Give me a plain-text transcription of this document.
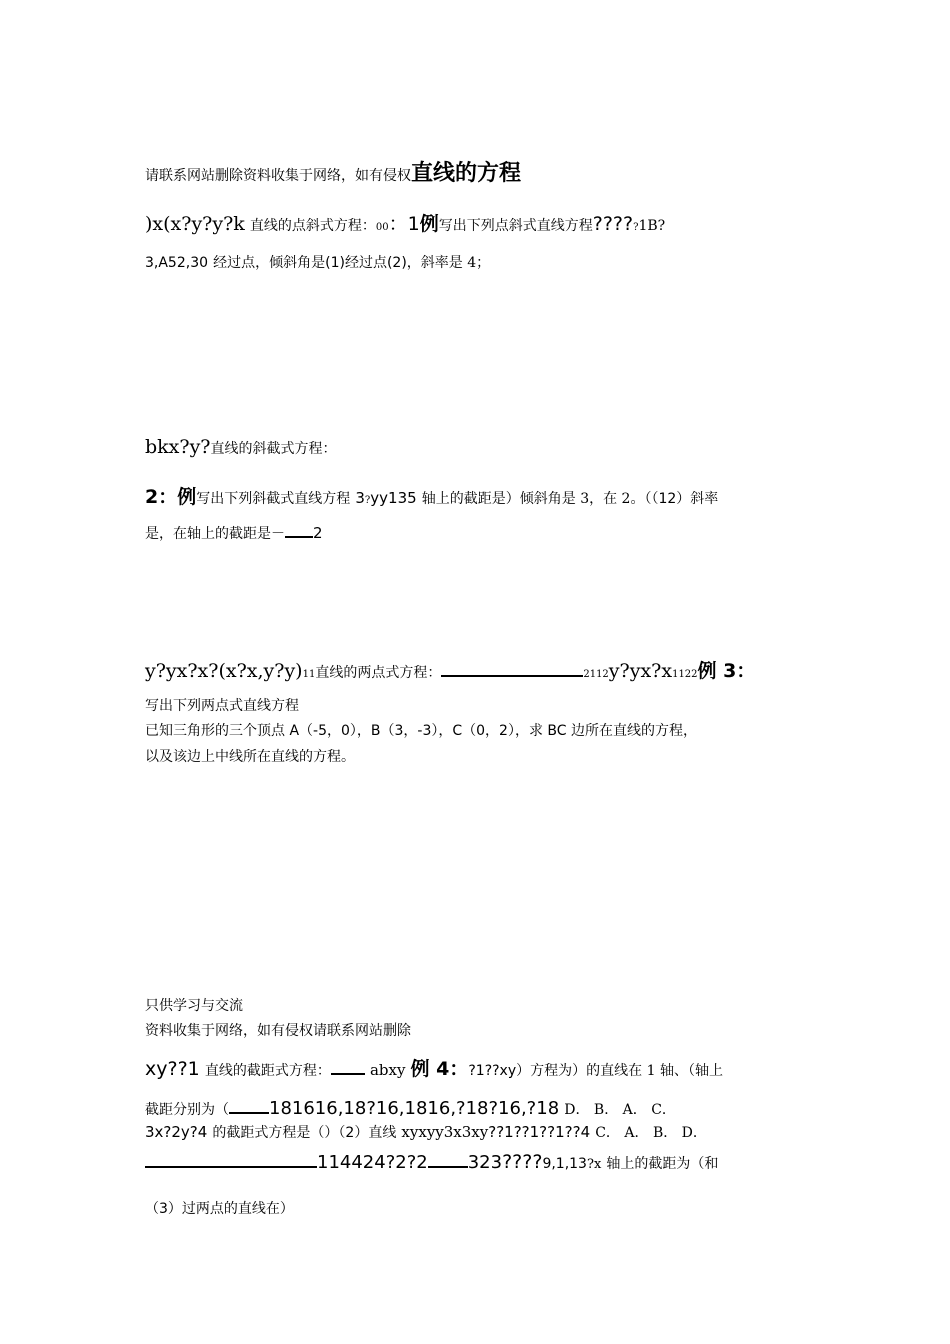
请联系网站删除资料收集于网络，如有侵权直线的方程
)x(x?y?y?k 直线的点斜式方程：00：1例写出下列点斜式直线方程?????1B?
3,A52,30 经过点，倾斜角是(1)经过点(2)，斜率是 4；
bkx?y?直线的斜截式方程：
2：例写出下列斜截式直线方程 3?yy135 轴上的截距是）倾斜角是 3，在 2。（（12）斜率
是，在轴上的截距是－ 2
y?yx?x?(x?x,y?y)11直线的两点式方程：	2112y?yx?x1122例 3：
写出下列两点式直线方程
已知三角形的三个顶点 A（-5，0），B（3，-3），C（0，2），求 BC 边所在直线的方程，
以及该边上中线所在直线的方程。
只供学习与交流
资料收集于网络，如有侵权请联系网站删除
xy??1 直线的截距式方程：	abxy 例 4：?1??xy）方程为）的直线在 1 轴、（轴上
截距分别为（ 181616,18?16,1816,?18?16,?18 D． B． A． C．
3x?2y?4 的截距式方程是（）（2）直线 xyxyy3x3xy??1??1??1??4 C． A． B． D．
114424?2?2 323????9,1,13?x 轴上的截距为（和
（3）过两点的直线在）
